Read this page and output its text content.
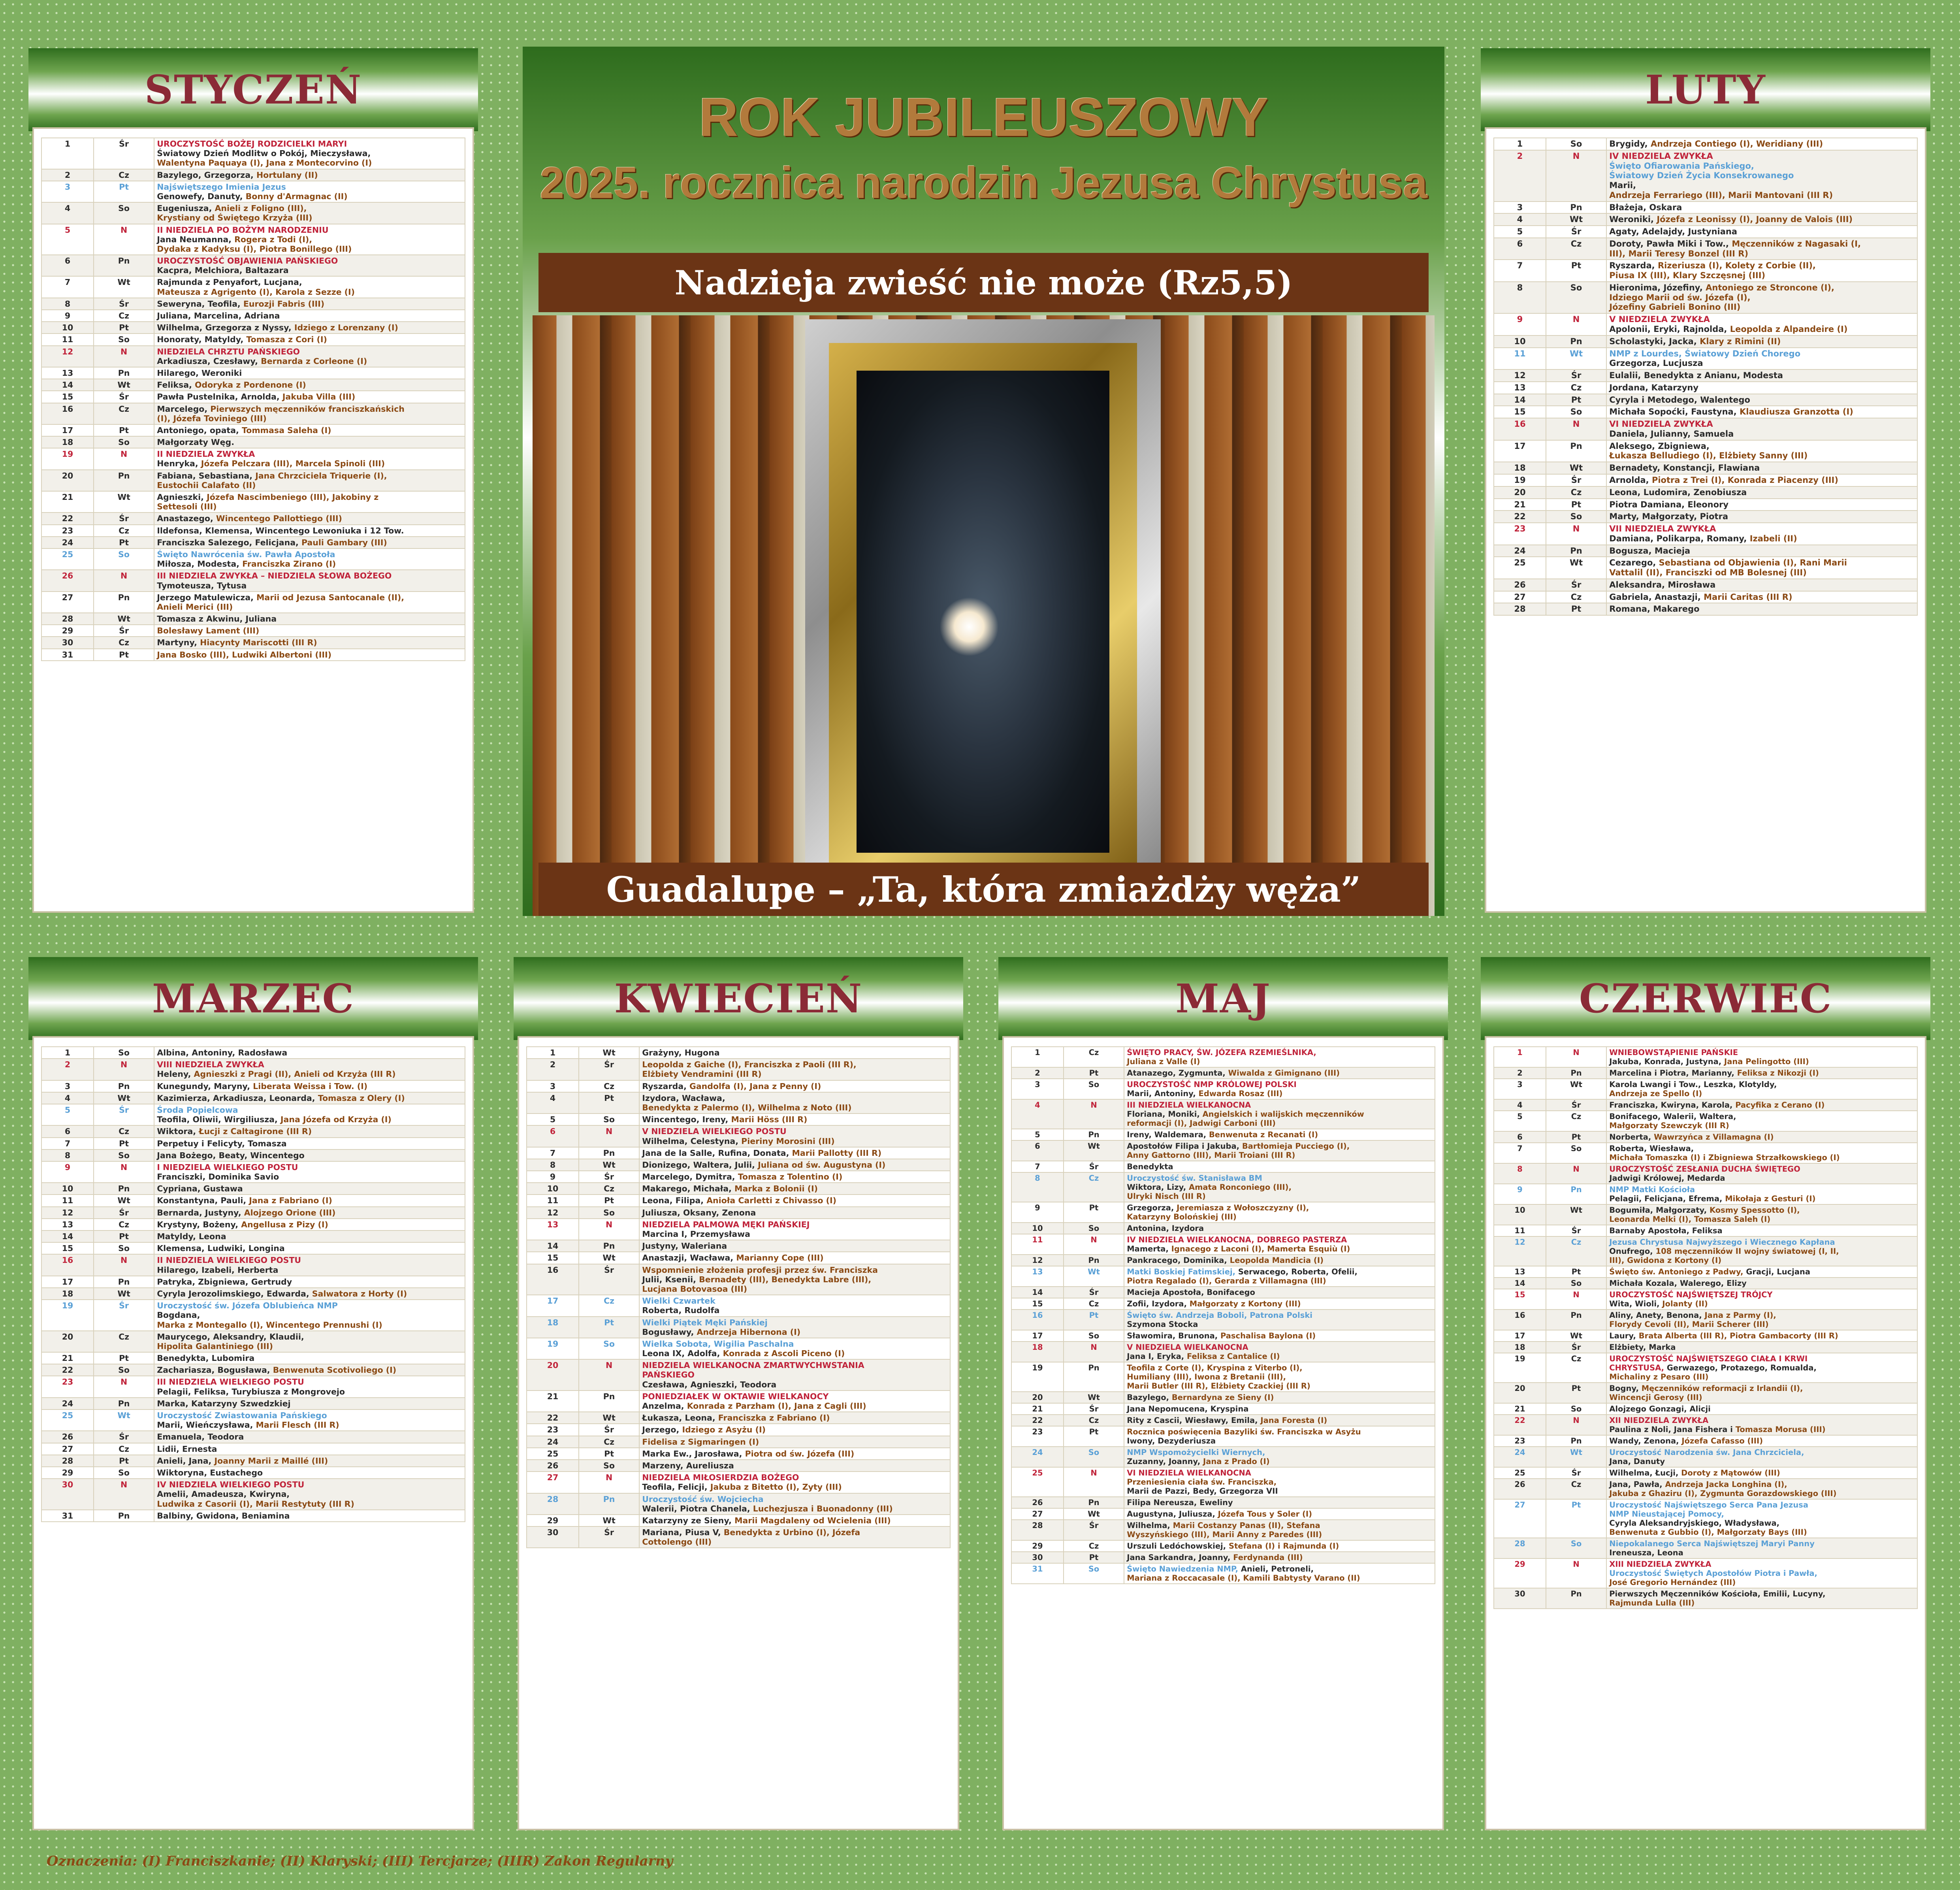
STYCZEŃ
1	Śr	UROCZYSTOŚĆ BOŻEJ RODZICIELKI MARYI
Światowy Dzień Modlitw o Pokój, Mieczysława,
Walentyna Paquaya (I), Jana z Montecorvino (I)
2	Cz	Bazylego, Grzegorza, Hortulany (II)
3	Pt	Najświętszego Imienia Jezus
Genowefy, Danuty, Bonny d'Armagnac (II)
4	So	Eugeniusza, Anieli z Foligno (III),
Krystiany od Świętego Krzyża (III)
5	N	II NIEDZIELA PO BOŻYM NARODZENIU
Jana Neumanna, Rogera z Todi (I),
Dydaka z Kadyksu (I), Piotra Bonillego (III)
6	Pn	UROCZYSTOŚĆ OBJAWIENIA PAŃSKIEGO
Kacpra, Melchiora, Baltazara
7	Wt	Rajmunda z Penyafort, Lucjana,
Mateusza z Agrigento (I), Karola z Sezze (I)
8	Śr	Seweryna, Teofila, Eurozji Fabris (III)
9	Cz	Juliana, Marcelina, Adriana
10	Pt	Wilhelma, Grzegorza z Nyssy, Idziego z Lorenzany (I)
11	So	Honoraty, Matyldy, Tomasza z Cori (I)
12	N	NIEDZIELA CHRZTU PAŃSKIEGO
Arkadiusza, Czesławy, Bernarda z Corleone (I)
13	Pn	Hilarego, Weroniki
14	Wt	Feliksa, Odoryka z Pordenone (I)
15	Śr	Pawła Pustelnika, Arnolda, Jakuba Villa (III)
16	Cz	Marcelego, Pierwszych męczenników franciszkańskich
(I), Józefa Toviniego (III)
17	Pt	Antoniego, opata, Tommasa Saleha (I)
18	So	Małgorzaty Węg.
19	N	II NIEDZIELA ZWYKŁA
Henryka, Józefa Pelczara (III), Marcela Spinoli (III)
20	Pn	Fabiana, Sebastiana, Jana Chrzciciela Triquerie (I),
Eustochii Calafato (II)
21	Wt	Agnieszki, Józefa Nascimbeniego (III), Jakobiny z
Settesoli (III)
22	Śr	Anastazego, Wincentego Pallottiego (III)
23	Cz	Ildefonsa, Klemensa, Wincentego Lewoniuka i 12 Tow.
24	Pt	Franciszka Salezego, Felicjana, Pauli Gambary (III)
25	So	Święto Nawrócenia św. Pawła Apostoła
Miłosza, Modesta, Franciszka Zirano (I)
26	N	III NIEDZIELA ZWYKŁA – NIEDZIELA SŁOWA BOŻEGO
Tymoteusza, Tytusa
27	Pn	Jerzego Matulewicza, Marii od Jezusa Santocanale (II),
Anieli Merici (III)
28	Wt	Tomasza z Akwinu, Juliana
29	Śr	Bolesławy Lament (III)
30	Cz	Martyny, Hiacynty Mariscotti (III R)
31	Pt	Jana Bosko (III), Ludwiki Albertoni (III)
LUTY
1	So	Brygidy, Andrzeja Contiego (I), Weridiany (III)
2	N	IV NIEDZIELA ZWYKŁA
Święto Ofiarowania Pańskiego,
Światowy Dzień Życia Konsekrowanego
Marii,
Andrzeja Ferrariego (III), Marii Mantovani (III R)
3	Pn	Błażeja, Oskara
4	Wt	Weroniki, Józefa z Leonissy (I), Joanny de Valois (III)
5	Śr	Agaty, Adelajdy, Justyniana
6	Cz	Doroty, Pawła Miki i Tow., Męczenników z Nagasaki (I,
III), Marii Teresy Bonzel (III R)
7	Pt	Ryszarda, Rizeriusza (I), Kolety z Corbie (II),
Piusa IX (III), Klary Szczęsnej (III)
8	So	Hieronima, Józefiny, Antoniego ze Stroncone (I),
Idziego Marii od św. Józefa (I),
Józefiny Gabrieli Bonino (III)
9	N	V NIEDZIELA ZWYKŁA
Apolonii, Eryki, Rajnolda, Leopolda z Alpandeire (I)
10	Pn	Scholastyki, Jacka, Klary z Rimini (II)
11	Wt	NMP z Lourdes, Światowy Dzień Chorego
Grzegorza, Lucjusza
12	Śr	Eulalii, Benedykta z Anianu, Modesta
13	Cz	Jordana, Katarzyny
14	Pt	Cyryla i Metodego, Walentego
15	So	Michała Sopoćki, Faustyna, Klaudiusza Granzotta (I)
16	N	VI NIEDZIELA ZWYKŁA
Daniela, Julianny, Samuela
17	Pn	Aleksego, Zbigniewa,
Łukasza Belludiego (I), Elżbiety Sanny (III)
18	Wt	Bernadety, Konstancji, Flawiana
19	Śr	Arnolda, Piotra z Trei (I), Konrada z Piacenzy (III)
20	Cz	Leona, Ludomira, Zenobiusza
21	Pt	Piotra Damiana, Eleonory
22	So	Marty, Małgorzaty, Piotra
23	N	VII NIEDZIELA ZWYKŁA
Damiana, Polikarpa, Romany, Izabeli (II)
24	Pn	Bogusza, Macieja
25	Wt	Cezarego, Sebastiana od Objawienia (I), Rani Marii
Vattalil (II), Franciszki od MB Bolesnej (III)
26	Śr	Aleksandra, Mirosława
27	Cz	Gabriela, Anastazji, Marii Caritas (III R)
28	Pt	Romana, Makarego
MARZEC
1	So	Albina, Antoniny, Radosława
2	N	VIII NIEDZIELA ZWYKŁA
Heleny, Agnieszki z Pragi (II), Anieli od Krzyża (III R)
3	Pn	Kunegundy, Maryny, Liberata Weissa i Tow. (I)
4	Wt	Kazimierza, Arkadiusza, Leonarda, Tomasza z Olery (I)
5	Śr	Środa Popielcowa
Teofila, Oliwii, Wirgiliusza, Jana Józefa od Krzyża (I)
6	Cz	Wiktora, Łucji z Caltagirone (III R)
7	Pt	Perpetuy i Felicyty, Tomasza
8	So	Jana Bożego, Beaty, Wincentego
9	N	I NIEDZIELA WIELKIEGO POSTU
Franciszki, Dominika Savio
10	Pn	Cypriana, Gustawa
11	Wt	Konstantyna, Pauli, Jana z Fabriano (I)
12	Śr	Bernarda, Justyny, Alojzego Orione (III)
13	Cz	Krystyny, Bożeny, Angellusa z Pizy (I)
14	Pt	Matyldy, Leona
15	So	Klemensa, Ludwiki, Longina
16	N	II NIEDZIELA WIELKIEGO POSTU
Hilarego, Izabeli, Herberta
17	Pn	Patryka, Zbigniewa, Gertrudy
18	Wt	Cyryla Jerozolimskiego, Edwarda, Salwatora z Horty (I)
19	Śr	Uroczystość św. Józefa Oblubieńca NMP
Bogdana,
Marka z Montegallo (I), Wincentego Prennushi (I)
20	Cz	Maurycego, Aleksandry, Klaudii,
Hipolita Galantiniego (III)
21	Pt	Benedykta, Lubomira
22	So	Zachariasza, Bogusława, Benwenuta Scotivoliego (I)
23	N	III NIEDZIELA WIELKIEGO POSTU
Pelagii, Feliksa, Turybiusza z Mongrovejo
24	Pn	Marka, Katarzyny Szwedzkiej
25	Wt	Uroczystość Zwiastowania Pańskiego
Marii, Wieńczysława, Marii Flesch (III R)
26	Śr	Emanuela, Teodora
27	Cz	Lidii, Ernesta
28	Pt	Anieli, Jana, Joanny Marii z Maillé (III)
29	So	Wiktoryna, Eustachego
30	N	IV NIEDZIELA WIELKIEGO POSTU
Amelii, Amadeusza, Kwiryna,
Ludwika z Casorii (I), Marii Restytuty (III R)
31	Pn	Balbiny, Gwidona, Beniamina
KWIECIEŃ
1	Wt	Grażyny, Hugona
2	Śr	Leopolda z Gaiche (I), Franciszka z Paoli (III R),
Elżbiety Vendramini (III R)
3	Cz	Ryszarda, Gandolfa (I), Jana z Penny (I)
4	Pt	Izydora, Wacława,
Benedykta z Palermo (I), Wilhelma z Noto (III)
5	So	Wincentego, Ireny, Marii Höss (III R)
6	N	V NIEDZIELA WIELKIEGO POSTU
Wilhelma, Celestyna, Pieriny Morosini (III)
7	Pn	Jana de la Salle, Rufina, Donata, Marii Pallotty (III R)
8	Wt	Dionizego, Waltera, Julii, Juliana od św. Augustyna (I)
9	Śr	Marcelego, Dymitra, Tomasza z Tolentino (I)
10	Cz	Makarego, Michała, Marka z Bolonii (I)
11	Pt	Leona, Filipa, Anioła Carletti z Chivasso (I)
12	So	Juliusza, Oksany, Zenona
13	N	NIEDZIELA PALMOWA MĘKI PAŃSKIEJ
Marcina I, Przemysława
14	Pn	Justyny, Waleriana
15	Wt	Anastazji, Wacława, Marianny Cope (III)
16	Śr	Wspomnienie złożenia profesji przez św. Franciszka
Julii, Ksenii, Bernadety (III), Benedykta Labre (III),
Lucjana Botovasoa (III)
17	Cz	Wielki Czwartek
Roberta, Rudolfa
18	Pt	Wielki Piątek Męki Pańskiej
Bogusławy, Andrzeja Hibernona (I)
19	So	Wielka Sobota, Wigilia Paschalna
Leona IX, Adolfa, Konrada z Ascoli Piceno (I)
20	N	NIEDZIELA WIELKANOCNA ZMARTWYCHWSTANIA
PAŃSKIEGO
Czesława, Agnieszki, Teodora
21	Pn	PONIEDZIAŁEK W OKTAWIE WIELKANOCY
Anzelma, Konrada z Parzham (I), Jana z Cagli (III)
22	Wt	Łukasza, Leona, Franciszka z Fabriano (I)
23	Śr	Jerzego, Idziego z Asyżu (I)
24	Cz	Fidelisa z Sigmaringen (I)
25	Pt	Marka Ew., Jarosława, Piotra od św. Józefa (III)
26	So	Marzeny, Aureliusza
27	N	NIEDZIELA MIŁOSIERDZIA BOŻEGO
Teofila, Felicji, Jakuba z Bitetto (I), Zyty (III)
28	Pn	Uroczystość św. Wojciecha
Walerii, Piotra Chanela, Luchezjusza i Buonadonny (III)
29	Wt	Katarzyny ze Sieny, Marii Magdaleny od Wcielenia (III)
30	Śr	Mariana, Piusa V, Benedykta z Urbino (I), Józefa
Cottolengo (III)
MAJ
1	Cz	ŚWIĘTO PRACY, ŚW. JÓZEFA RZEMIEŚLNIKA,
Juliana z Valle (I)
2	Pt	Atanazego, Zygmunta, Wiwalda z Gimignano (III)
3	So	UROCZYSTOŚĆ NMP KRÓLOWEJ POLSKI
Marii, Antoniny, Edwarda Rosaz (III)
4	N	III NIEDZIELA WIELKANOCNA
Floriana, Moniki, Angielskich i walijskich męczenników
reformacji (I), Jadwigi Carboni (III)
5	Pn	Ireny, Waldemara, Benwenuta z Recanati (I)
6	Wt	Apostołów Filipa i Jakuba, Bartłomieja Pucciego (I),
Anny Gattorno (III), Marii Troiani (III R)
7	Śr	Benedykta
8	Cz	Uroczystość św. Stanisława BM
Wiktora, Lizy, Amata Ronconiego (III),
Ulryki Nisch (III R)
9	Pt	Grzegorza, Jeremiasza z Wołoszczyzny (I),
Katarzyny Bolońskiej (III)
10	So	Antonina, Izydora
11	N	IV NIEDZIELA WIELKANOCNA, DOBREGO PASTERZA
Mamerta, Ignacego z Laconi (I), Mamerta Esquiù (I)
12	Pn	Pankracego, Dominika, Leopolda Mandicia (I)
13	Wt	Matki Boskiej Fatimskiej, Serwacego, Roberta, Ofelii,
Piotra Regalado (I), Gerarda z Villamagna (III)
14	Śr	Macieja Apostoła, Bonifacego
15	Cz	Zofii, Izydora, Małgorzaty z Kortony (III)
16	Pt	Święto św. Andrzeja Boboli, Patrona Polski
Szymona Stocka
17	So	Sławomira, Brunona, Paschalisa Baylona (I)
18	N	V NIEDZIELA WIELKANOCNA
Jana I, Eryka, Feliksa z Cantalice (I)
19	Pn	Teofila z Corte (I), Kryspina z Viterbo (I),
Humiliany (III), Iwona z Bretanii (III),
Marii Butler (III R), Elżbiety Czackiej (III R)
20	Wt	Bazylego, Bernardyna ze Sieny (I)
21	Śr	Jana Nepomucena, Kryspina
22	Cz	Rity z Cascii, Wiesławy, Emila, Jana Foresta (I)
23	Pt	Rocznica poświęcenia Bazyliki św. Franciszka w Asyżu
Iwony, Dezyderiusza
24	So	NMP Wspomożycielki Wiernych,
Zuzanny, Joanny, Jana z Prado (I)
25	N	VI NIEDZIELA WIELKANOCNA
Przeniesienia ciała św. Franciszka,
Marii de Pazzi, Bedy, Grzegorza VII
26	Pn	Filipa Nereusza, Eweliny
27	Wt	Augustyna, Juliusza, Józefa Tous y Soler (I)
28	Śr	Wilhelma, Marii Costanzy Panas (II), Stefana
Wyszyńskiego (III), Marii Anny z Paredes (III)
29	Cz	Urszuli Ledóchowskiej, Stefana (I) i Rajmunda (I)
30	Pt	Jana Sarkandra, Joanny, Ferdynanda (III)
31	So	Święto Nawiedzenia NMP, Anieli, Petroneli,
Mariana z Roccacasale (I), Kamili Babtysty Varano (II)
CZERWIEC
1	N	WNIEBOWSTĄPIENIE PAŃSKIE
Jakuba, Konrada, Justyna, Jana Pelingotto (III)
2	Pn	Marcelina i Piotra, Marianny, Feliksa z Nikozji (I)
3	Wt	Karola Lwangi i Tow., Leszka, Klotyldy,
Andrzeja ze Spello (I)
4	Śr	Franciszka, Kwiryna, Karola, Pacyfika z Cerano (I)
5	Cz	Bonifacego, Walerii, Waltera,
Małgorzaty Szewczyk (III R)
6	Pt	Norberta, Wawrzyńca z Villamagna (I)
7	So	Roberta, Wiesława,
Michała Tomaszka (I) i Zbigniewa Strzałkowskiego (I)
8	N	UROCZYSTOŚĆ ZESŁANIA DUCHA ŚWIĘTEGO
Jadwigi Królowej, Medarda
9	Pn	NMP Matki Kościoła
Pelagii, Felicjana, Efrema, Mikołaja z Gesturi (I)
10	Wt	Bogumiła, Małgorzaty, Kosmy Spessotto (I),
Leonarda Melki (I), Tomasza Saleh (I)
11	Śr	Barnaby Apostoła, Feliksa
12	Cz	Jezusa Chrystusa Najwyższego i Wiecznego Kapłana
Onufrego, 108 męczenników II wojny światowej (I, II,
III), Gwidona z Kortony (I)
13	Pt	Święto św. Antoniego z Padwy, Gracji, Lucjana
14	So	Michała Kozala, Walerego, Elizy
15	N	UROCZYSTOŚĆ NAJŚWIĘTSZEJ TRÓJCY
Wita, Wioli, Jolanty (II)
16	Pn	Aliny, Anety, Benona, Jana z Parmy (I),
Florydy Cevoli (II), Marii Scherer (III)
17	Wt	Laury, Brata Alberta (III R), Piotra Gambacorty (III R)
18	Śr	Elżbiety, Marka
19	Cz	UROCZYSTOŚĆ NAJŚWIĘTSZEGO CIAŁA I KRWI
CHRYSTUSA, Gerwazego, Protazego, Romualda,
Michaliny z Pesaro (III)
20	Pt	Bogny, Męczenników reformacji z Irlandii (I),
Wincencji Gerosy (III)
21	So	Alojzego Gonzagi, Alicji
22	N	XII NIEDZIELA ZWYKŁA
Paulina z Noli, Jana Fishera i Tomasza Morusa (III)
23	Pn	Wandy, Zenona, Józefa Cafasso (III)
24	Wt	Uroczystość Narodzenia św. Jana Chrzciciela,
Jana, Danuty
25	Śr	Wilhelma, Łucji, Doroty z Mątowów (III)
26	Cz	Jana, Pawła, Andrzeja Jacka Longhina (I),
Jakuba z Ghaziru (I), Zygmunta Gorazdowskiego (III)
27	Pt	Uroczystość Najświętszego Serca Pana Jezusa
NMP Nieustającej Pomocy,
Cyryla Aleksandryjskiego, Władysława,
Benwenuta z Gubbio (I), Małgorzaty Bays (III)
28	So	Niepokalanego Serca Najświętszej Maryi Panny
Ireneusza, Leona
29	N	XIII NIEDZIELA ZWYKŁA
Uroczystość Świętych Apostołów Piotra i Pawła,
José Gregorio Hernández (III)
30	Pn	Pierwszych Męczenników Kościoła, Emilii, Lucyny,
Rajmunda Lulla (III)
ROK JUBILEUSZOWY
2025. rocznica narodzin Jezusa Chrystusa
Nadzieja zwieść nie może (Rz5,5)
Guadalupe – „Ta, która zmiażdży węża”
Oznaczenia: (I) Franciszkanie; (II) Klaryski; (III) Tercjarze; (IIIR) Zakon Regularny
